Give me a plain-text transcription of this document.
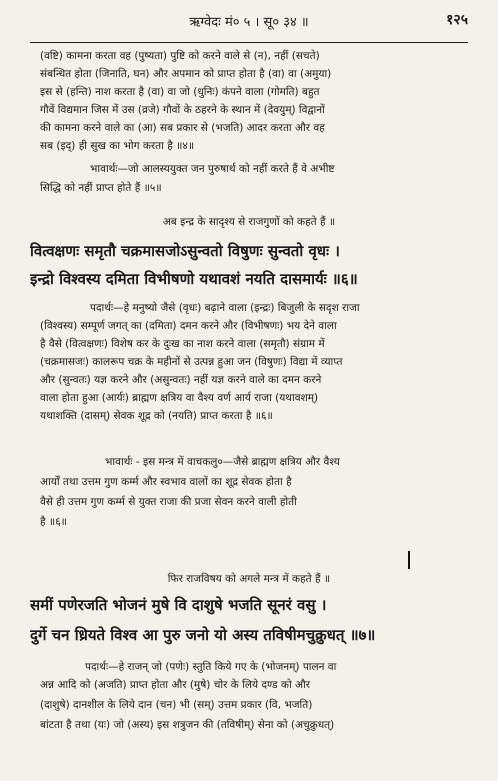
ऋग्वेदः मं० ५ । सू० ३४ ॥	१२५
(वष्टि) कामना करता वह (पुष्यता) पुष्टि को करने वाले से (न), नहीं (सचते)
संबन्धित होता (जिनाति, घन) और अपमान को प्राप्त होता है (वा) वा (अमुया)
इस से (हन्ति) नाश करता है (वा) वा जो (धुनिः) कंपने वाला (गोमति) बहुत
गौवें विद्यमान जिस में उस (व्रजे) गौवों के ठहरने के स्थान में (देवयुम्) विद्वानों
की कामना करने वाले का (आ) सब प्रकार से (भजति) आदर करता और वह
सब (इद्) ही सुख का भोग करता है ॥४॥
भावार्थः—जो आलस्ययुक्त जन पुरुषार्थ को नहीं करते हैं वे अभीष्ट
सिद्धि को नहीं प्राप्त होते हैं ॥५॥
अब इन्द्र के सादृश्य से राजगुणों को कहते हैं ॥
वित्वक्षणः समृतौ चक्रमासजोऽसुन्वतो विषुणः सुन्वतो वृधः ।
इन्द्रो विश्वस्य दमिता विभीषणो यथावशं नयति दासमार्यः ॥६॥
पदार्थः—हे मनुष्यो जैसे (वृधः) बढ़ाने वाला (इन्द्रः) बिजुली के सदृश राजा
(विश्वस्य) सम्पूर्ण जगत् का (दमिता) दमन करने और (विभीषणः) भय देने वाला
है वैसे (वित्वक्षणः) विशेष कर के दुःख का नाश करने वाला (समृतौ) संग्राम में
(चक्रमासजः) कालरूप चक्र के महीनों से उत्पन्न हुआ जन (विषुणः) विद्या में व्याप्त
और (सुन्वतः) यज्ञ करने और (असुन्वतः) नहीं यज्ञ करने वाले का दमन करने
वाला होता हुआ (आर्यः) ब्राह्मण क्षत्रिय वा वैश्य वर्ण आर्य राजा (यथावशम्)
यथाशक्ति (दासम्) सेवक शूद्र को (नयति) प्राप्त करता है ॥६॥
भावार्थः - इस मन्त्र में वाचकलु०—जैसे ब्राह्मण क्षत्रिय और वैश्य
आर्यों तथा उत्तम गुण कर्म्म और स्वभाव वालों का शूद्र सेवक होता है
वैसे ही उत्तम गुण कर्म्म से युक्त राजा की प्रजा सेवन करने वाली होती
है ॥६॥
फिर राजविषय को अगले मन्त्र में कहते हैं ॥
समीं पणेरजति भोजनं मुषे वि दाशुषे भजति सूनरं वसु ।
दुर्गे चन ध्रियते विश्व आ पुरु जनो यो अस्य तविषीमचुक्रुधत् ॥७॥
पदार्थः—हे राजन् जो (पणेः) स्तुति किये गए के (भोजनम्) पालन वा
अन्न आदि को (अजति) प्राप्त होता और (मुषे) चोर के लिये दण्ड को और
(दाशुषे) दानशील के लिये दान (चन) भी (सम्) उत्तम प्रकार (वि, भजति)
बांटता है तथा (यः) जो (अस्य) इस शत्रुजन की (तविषीम्) सेना को (अचुक्रुधत्)
